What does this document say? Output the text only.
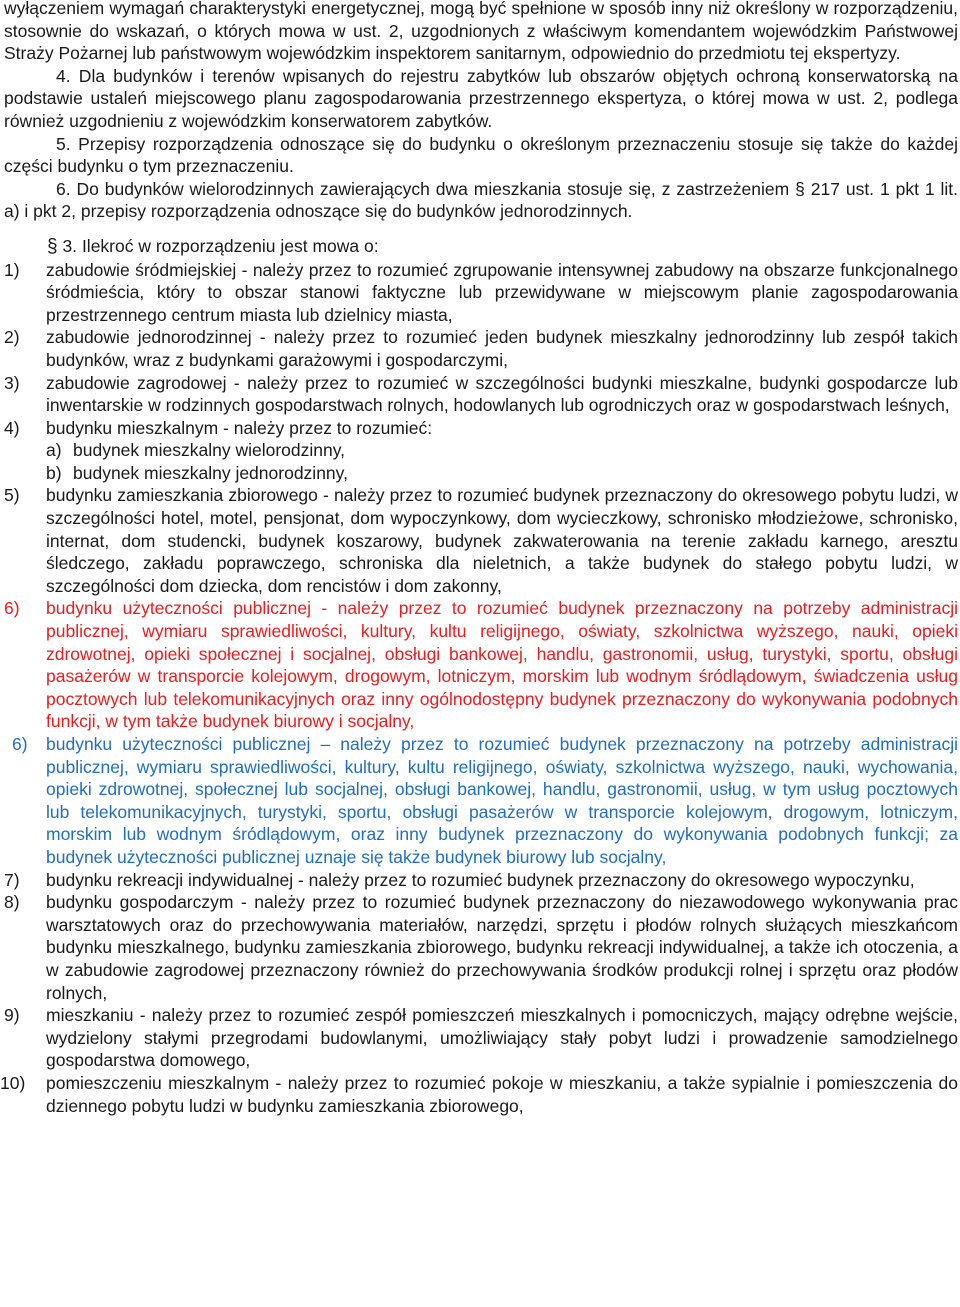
wyłączeniem wymagań charakterystyki energetycznej, mogą być spełnione w sposób inny niż określony w rozporządzeniu, stosownie do wskazań, o których mowa w ust. 2, uzgodnionych z właściwym komendantem wojewódzkim Państwowej Straży Pożarnej lub państwowym wojewódzkim inspektorem sanitarnym, odpowiednio do przedmiotu tej ekspertyzy.

4. Dla budynków i terenów wpisanych do rejestru zabytków lub obszarów objętych ochroną konserwatorską na podstawie ustaleń miejscowego planu zagospodarowania przestrzennego ekspertyza, o której mowa w ust. 2, podlega również uzgodnieniu z wojewódzkim konserwatorem zabytków.

5. Przepisy rozporządzenia odnoszące się do budynku o określonym przeznaczeniu stosuje się także do każdej części budynku o tym przeznaczeniu.

6. Do budynków wielorodzinnych zawierających dwa mieszkania stosuje się, z zastrzeżeniem § 217 ust. 1 pkt 1 lit. a) i pkt 2, przepisy rozporządzenia odnoszące się do budynków jednorodzinnych.

§ 3. Ilekroć w rozporządzeniu jest mowa o:

1)	zabudowie śródmiejskiej - należy przez to rozumieć zgrupowanie intensywnej zabudowy na obszarze funkcjonalnego śródmieścia, który to obszar stanowi faktyczne lub przewidywane w miejscowym planie zagospodarowania przestrzennego centrum miasta lub dzielnicy miasta,
2)	zabudowie jednorodzinnej - należy przez to rozumieć jeden budynek mieszkalny jednorodzinny lub zespół takich budynków, wraz z budynkami garażowymi i gospodarczymi,
3)	zabudowie zagrodowej - należy przez to rozumieć w szczególności budynki mieszkalne, budynki gospodarcze lub inwentarskie w rodzinnych gospodarstwach rolnych, hodowlanych lub ogrodniczych oraz w gospodarstwach leśnych,
4)	budynku mieszkalnym - należy przez to rozumieć:
a) budynek mieszkalny wielorodzinny,
b) budynek mieszkalny jednorodzinny,
5)	budynku zamieszkania zbiorowego - należy przez to rozumieć budynek przeznaczony do okresowego pobytu ludzi, w szczególności hotel, motel, pensjonat, dom wypoczynkowy, dom wycieczkowy, schronisko młodzieżowe, schronisko, internat, dom studencki, budynek koszarowy, budynek zakwaterowania na terenie zakładu karnego, aresztu śledczego, zakładu poprawczego, schroniska dla nieletnich, a także budynek do stałego pobytu ludzi, w szczególności dom dziecka, dom rencistów i dom zakonny,
6)	budynku użyteczności publicznej - należy przez to rozumieć budynek przeznaczony na potrzeby administracji publicznej, wymiaru sprawiedliwości, kultury, kultu religijnego, oświaty, szkolnictwa wyższego, nauki, opieki zdrowotnej, opieki społecznej i socjalnej, obsługi bankowej, handlu, gastronomii, usług, turystyki, sportu, obsługi pasażerów w transporcie kolejowym, drogowym, lotniczym, morskim lub wodnym śródlądowym, świadczenia usług pocztowych lub telekomunikacyjnych oraz inny ogólnodostępny budynek przeznaczony do wykonywania podobnych funkcji, w tym także budynek biurowy i socjalny,
6)	budynku użyteczności publicznej – należy przez to rozumieć budynek przeznaczony na potrzeby administracji publicznej, wymiaru sprawiedliwości, kultury, kultu religijnego, oświaty, szkolnictwa wyższego, nauki, wychowania, opieki zdrowotnej, społecznej lub socjalnej, obsługi bankowej, handlu, gastronomii, usług, w tym usług pocztowych lub telekomunikacyjnych, turystyki, sportu, obsługi pasażerów w transporcie kolejowym, drogowym, lotniczym, morskim lub wodnym śródlądowym, oraz inny budynek przeznaczony do wykonywania podobnych funkcji; za budynek użyteczności publicznej uznaje się także budynek biurowy lub socjalny,
7)	budynku rekreacji indywidualnej - należy przez to rozumieć budynek przeznaczony do okresowego wypoczynku,
8)	budynku gospodarczym - należy przez to rozumieć budynek przeznaczony do niezawodowego wykonywania prac warsztatowych oraz do przechowywania materiałów, narzędzi, sprzętu i płodów rolnych służących mieszkańcom budynku mieszkalnego, budynku zamieszkania zbiorowego, budynku rekreacji indywidualnej, a także ich otoczenia, a w zabudowie zagrodowej przeznaczony również do przechowywania środków produkcji rolnej i sprzętu oraz płodów rolnych,
9)	mieszkaniu - należy przez to rozumieć zespół pomieszczeń mieszkalnych i pomocniczych, mający odrębne wejście, wydzielony stałymi przegrodami budowlanymi, umożliwiający stały pobyt ludzi i prowadzenie samodzielnego gospodarstwa domowego,
10)	pomieszczeniu mieszkalnym - należy przez to rozumieć pokoje w mieszkaniu, a także sypialnie i pomieszczenia do dziennego pobytu ludzi w budynku zamieszkania zbiorowego,
